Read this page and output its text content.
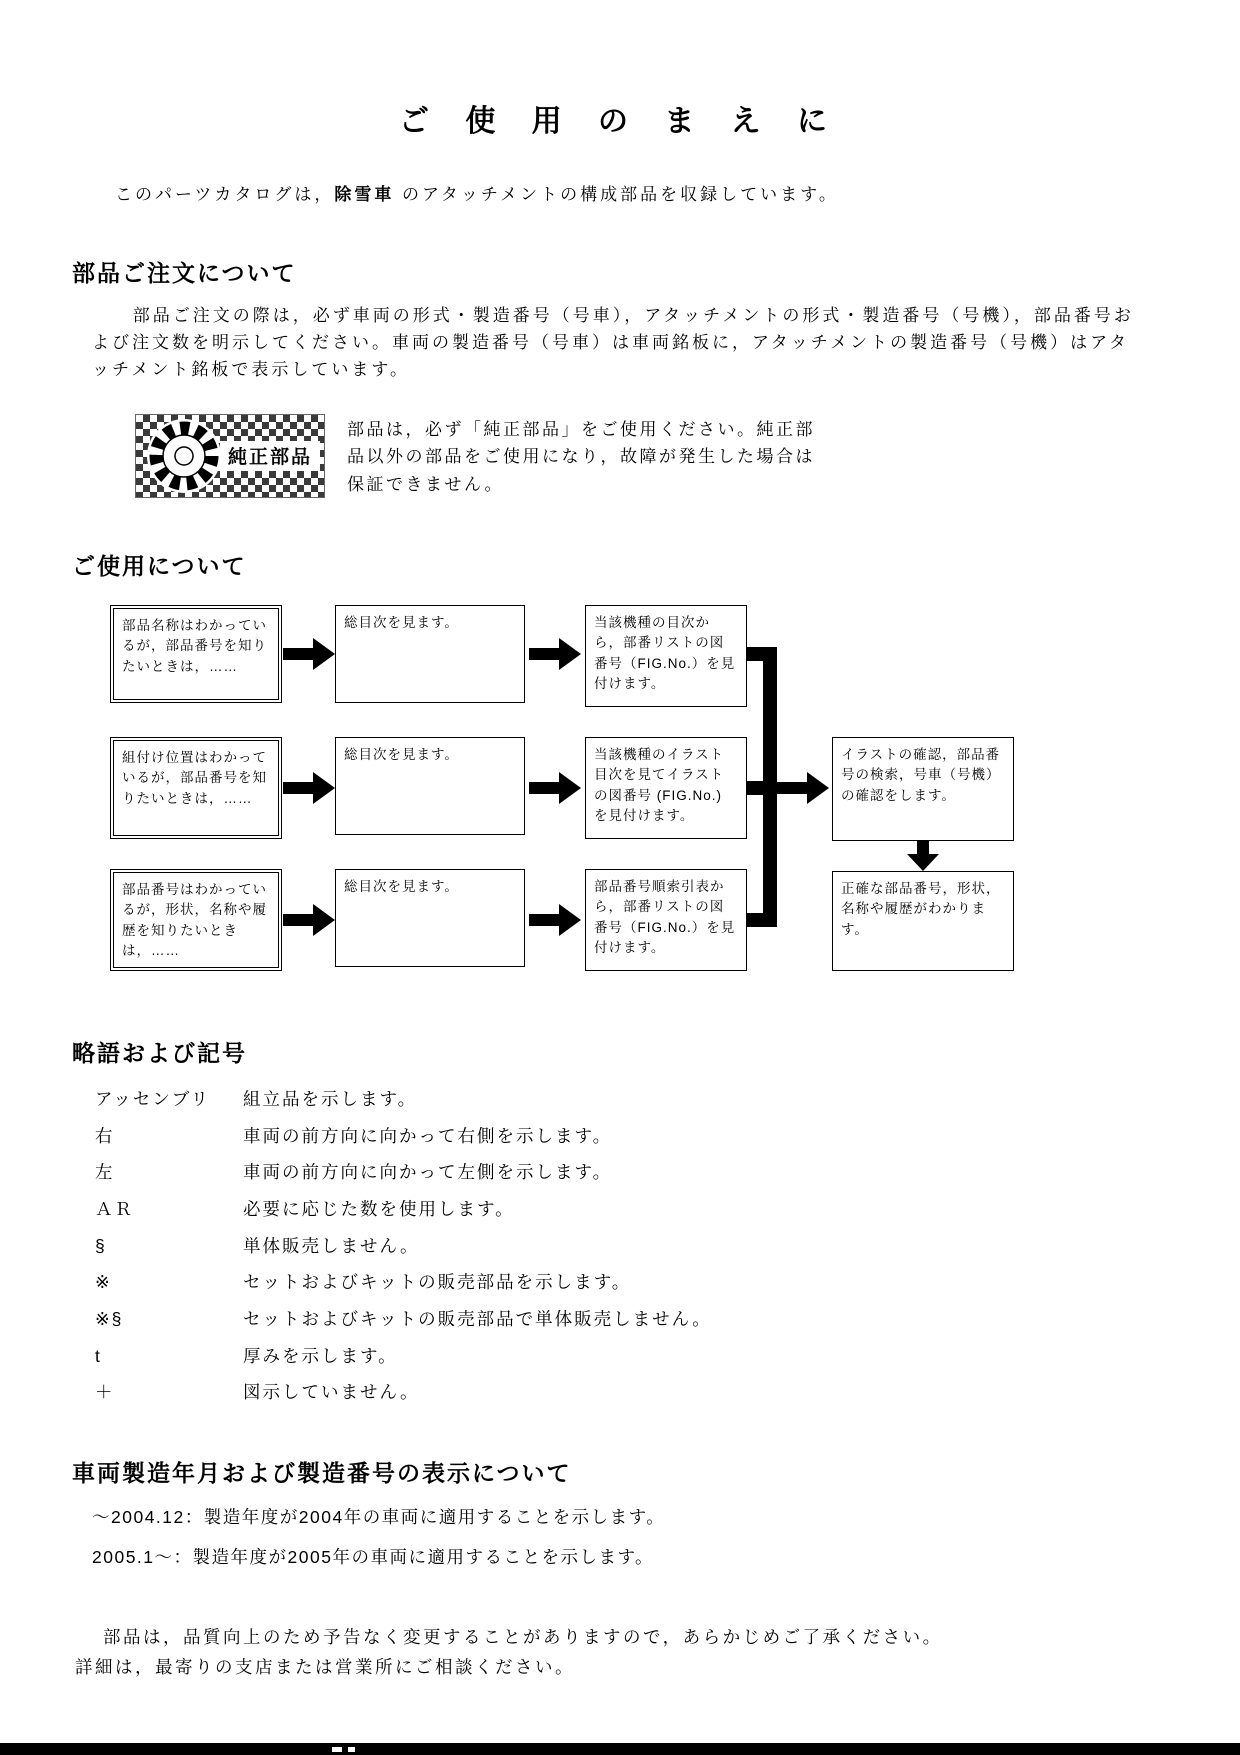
ご 使 用 の ま え に

このパーツカタログは，除雪車 のアタッチメントの構成部品を収録しています。

部品ご注文について

部品ご注文の際は，必ず車両の形式・製造番号（号車），アタッチメントの形式・製造番号（号機），部品番号および注文数を明示してください。車両の製造番号（号車）は車両銘板に，アタッチメントの製造番号（号機）はアタッチメント銘板で表示しています。

純正部品

部品は，必ず「純正部品」をご使用ください。純正部品以外の部品をご使用になり，故障が発生した場合は保証できません。

ご使用について
部品名称はわかっているが，部品番号を知りたいときは，……
組付け位置はわかっているが，部品番号を知りたいときは，……
部品番号はわかっているが，形状，名称や履歴を知りたいときは，……
総目次を見ます。
総目次を見ます。
総目次を見ます。
当該機種の目次から，部番リストの図番号（FIG.No.）を見付けます。
当該機種のイラスト目次を見てイラストの図番号 (FIG.No.) を見付けます。
部品番号順索引表から，部番リストの図番号（FIG.No.）を見付けます。
イラストの確認，部品番号の検索，号車（号機）の確認をします。
正確な部品番号，形状，名称や履歴がわかります。
略語および記号
アッセンブリ	組立品を示します。
右	車両の前方向に向かって右側を示します。
左	車両の前方向に向かって左側を示します。
ＡＲ	必要に応じた数を使用します。
§	単体販売しません。
※	セットおよびキットの販売部品を示します。
※§	セットおよびキットの販売部品で単体販売しません。
t	厚みを示します。
＋	図示していません。
車両製造年月および製造番号の表示について
～2004.12：製造年度が2004年の車両に適用することを示します。
2005.1～：製造年度が2005年の車両に適用することを示します。
部品は，品質向上のため予告なく変更することがありますので，あらかじめご了承ください。
詳細は，最寄りの支店または営業所にご相談ください。
